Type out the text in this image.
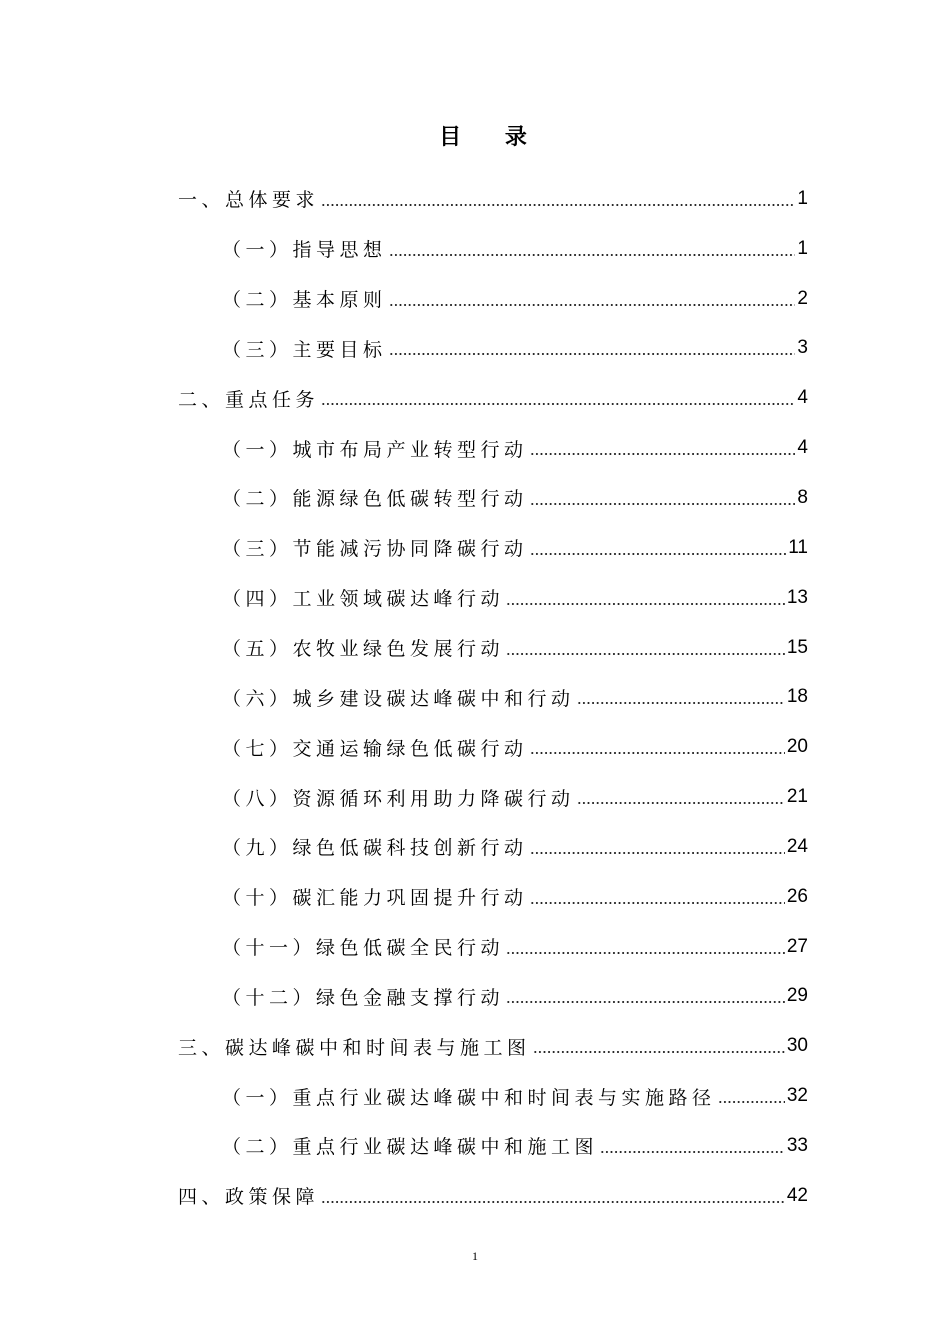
目 录
一、总体要求	1
（一）指导思想	1
（二）基本原则	2
（三）主要目标	3
二、重点任务	4
（一）城市布局产业转型行动	4
（二）能源绿色低碳转型行动	8
（三）节能减污协同降碳行动	11
（四）工业领域碳达峰行动	13
（五）农牧业绿色发展行动	15
（六）城乡建设碳达峰碳中和行动	18
（七）交通运输绿色低碳行动	20
（八）资源循环利用助力降碳行动	21
（九）绿色低碳科技创新行动	24
（十）碳汇能力巩固提升行动	26
（十一）绿色低碳全民行动	27
（十二）绿色金融支撑行动	29
三、碳达峰碳中和时间表与施工图	30
（一）重点行业碳达峰碳中和时间表与实施路径	32
（二）重点行业碳达峰碳中和施工图	33
四、政策保障	42
1
